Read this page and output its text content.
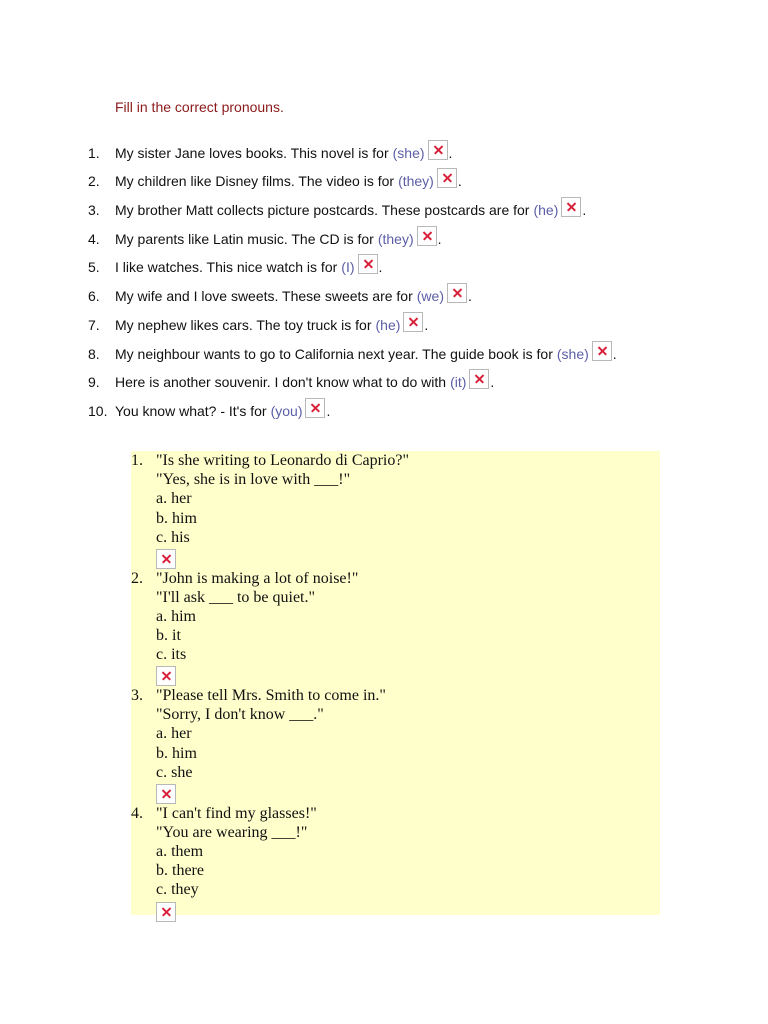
Fill in the correct pronouns.
1.	My sister Jane loves books. This novel is for (she) .
2.	My children like Disney films. The video is for (they) .
3.	My brother Matt collects picture postcards. These postcards are for (he) .
4.	My parents like Latin music. The CD is for (they) .
5.	I like watches. This nice watch is for (I) .
6.	My wife and I love sweets. These sweets are for (we) .
7.	My nephew likes cars. The toy truck is for (he) .
8.	My neighbour wants to go to California next year. The guide book is for (she) .
9.	Here is another souvenir. I don't know what to do with (it) .
10. You know what? - It's for (you) .
1. "Is she writing to Leonardo di Caprio?"
"Yes, she is in love with ___!"
a. her
b. him
c. his
2. "John is making a lot of noise!"
"I'll ask ___ to be quiet."
a. him
b. it
c. its
3. "Please tell Mrs. Smith to come in."
"Sorry, I don't know ___."
a. her
b. him
c. she
4. "I can't find my glasses!"
"You are wearing ___!"
a. them
b. there
c. they
